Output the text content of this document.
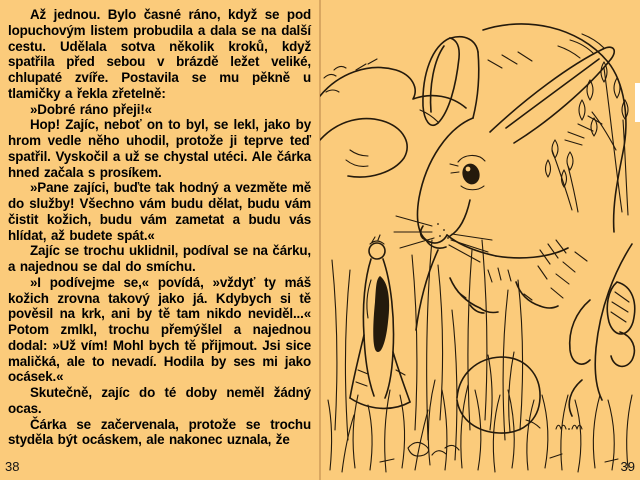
Až jednou. Bylo časné ráno, když se pod lopuchovým listem probudila a dala se na další cestu. Udělala sotva několik kroků, když spatřila před sebou v brázdě ležet veliké, chlupaté zvíře. Postavila se mu pěkně u tlamičky a řekla zřetelně:

»Dobré ráno přeji!«

Hop! Zajíc, neboť on to byl, se lekl, jako by hrom vedle něho uhodil, protože ji teprve teď spatřil. Vyskočil a už se chystal utéci. Ale čárka hned začala s prosíkem.

»Pane zajíci, buďte tak hodný a vezměte mě do služby! Všechno vám budu dělat, budu vám čistit kožich, budu vám zametat a budu vás hlídat, až budete spát.«

Zajíc se trochu uklidnil, podíval se na čárku, a najednou se dal do smíchu.

»I podívejme se,« povídá, »vždyť ty máš kožich zrovna takový jako já. Kdybych si tě pověsil na krk, ani by tě tam nikdo neviděl...« Potom zmlkl, trochu přemýšlel a najednou dodal: »Už vím! Mohl bych tě přijmout. Jsi sice maličká, ale to nevadí. Hodila by ses mi jako ocásek.«

Skutečně, zajíc do té doby neměl žádný ocas.

Čárka se začervenala, protože se trochu styděla být ocáskem, ale nakonec uznala, že

38	39
